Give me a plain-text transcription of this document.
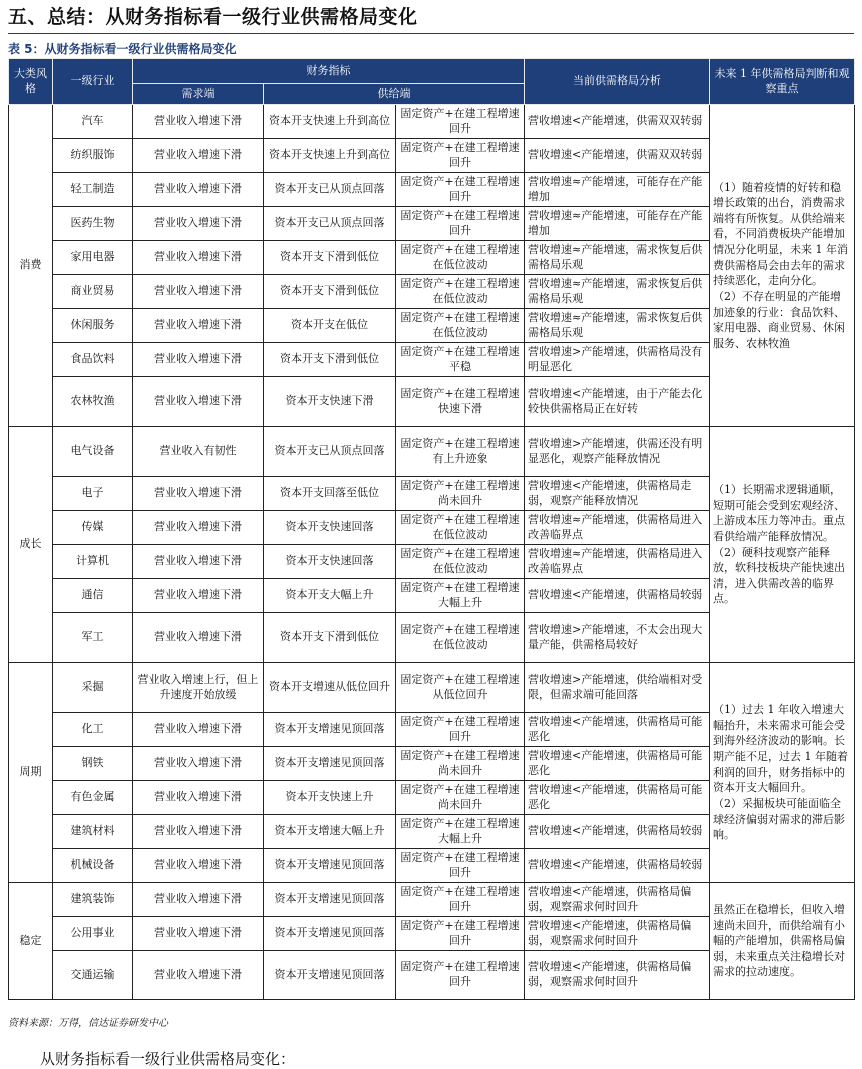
五、总结：从财务指标看一级行业供需格局变化
表 5：从财务指标看一级行业供需格局变化
大类风格	一级行业	财务指标			当前供需格局分析	未来 1 年供需格局判断和观察重点
		需求端	供给端			
消费	汽车	营业收入增速下滑	资本开支快速上升到高位	固定资产+在建工程增速回升	营收增速<产能增速，供需双双转弱	（1）随着疫情的好转和稳增长政策的出台，消费需求端将有所恢复。从供给端来看，不同消费板块产能增加情况分化明显，未来 1 年消费供需格局会由去年的需求持续恶化，走向分化。
（2）不存在明显的产能增加迹象的行业：食品饮料、家用电器、商业贸易、休闲服务、农林牧渔
	纺织服饰	营业收入增速下滑	资本开支快速上升到高位	固定资产+在建工程增速回升	营收增速<产能增速，供需双双转弱	
	轻工制造	营业收入增速下滑	资本开支已从顶点回落	固定资产+在建工程增速回升	营收增速≈产能增速，可能存在产能增加	
	医药生物	营业收入增速下滑	资本开支已从顶点回落	固定资产+在建工程增速回升	营收增速≈产能增速，可能存在产能增加	
	家用电器	营业收入增速下滑	资本开支下滑到低位	固定资产+在建工程增速在低位波动	营收增速≈产能增速，需求恢复后供需格局乐观	
	商业贸易	营业收入增速下滑	资本开支下滑到低位	固定资产+在建工程增速在低位波动	营收增速≈产能增速，需求恢复后供需格局乐观	
	休闲服务	营业收入增速下滑	资本开支在低位	固定资产+在建工程增速在低位波动	营收增速≈产能增速，需求恢复后供需格局乐观	
	食品饮料	营业收入增速下滑	资本开支下滑到低位	固定资产+在建工程增速平稳	营收增速>产能增速，供需格局没有明显恶化	
	农林牧渔	营业收入增速下滑	资本开支快速下滑	固定资产+在建工程增速快速下滑	营收增速<产能增速，由于产能去化较快供需格局正在好转	
成长	电气设备	营业收入有韧性	资本开支已从顶点回落	固定资产+在建工程增速有上升迹象	营收增速>产能增速，供需还没有明显恶化，观察产能释放情况	（1）长期需求逻辑通顺，短期可能会受到宏观经济、上游成本压力等冲击。重点看供给端产能释放情况。
（2）硬科技观察产能释放，软科技板块产能快速出清，进入供需改善的临界点。
	电子	营业收入增速下滑	资本开支回落至低位	固定资产+在建工程增速尚未回升	营收增速<产能增速，供需格局走弱，观察产能释放情况	
	传媒	营业收入增速下滑	资本开支快速回落	固定资产+在建工程增速在低位波动	营收增速≈产能增速，供需格局进入改善临界点	
	计算机	营业收入增速下滑	资本开支快速回落	固定资产+在建工程增速在低位波动	营收增速≈产能增速，供需格局进入改善临界点	
	通信	营业收入增速下滑	资本开支大幅上升	固定资产+在建工程增速大幅上升	营收增速<产能增速，供需格局较弱	
	军工	营业收入增速下滑	资本开支下滑到低位	固定资产+在建工程增速在低位波动	营收增速>产能增速，不太会出现大量产能，供需格局较好	
周期	采掘	营业收入增速上行，但上升速度开始放缓	资本开支增速从低位回升	固定资产+在建工程增速从低位回升	营收增速>产能增速，供给端相对受限，但需求端可能回落	（1）过去 1 年收入增速大幅抬升，未来需求可能会受到海外经济波动的影响。长期产能不足，过去 1 年随着利润的回升，财务指标中的资本开支大幅回升。
（2）采掘板块可能面临全球经济偏弱对需求的滞后影响。
	化工	营业收入增速下滑	资本开支增速见顶回落	固定资产+在建工程增速回升	营收增速<产能增速，供需格局可能恶化	
	钢铁	营业收入增速下滑	资本开支增速见顶回落	固定资产+在建工程增速尚未回升	营收增速<产能增速，供需格局可能恶化	
	有色金属	营业收入增速下滑	资本开支快速上升	固定资产+在建工程增速尚未回升	营收增速<产能增速，供需格局可能恶化	
	建筑材料	营业收入增速下滑	资本开支增速大幅上升	固定资产+在建工程增速大幅上升	营收增速<产能增速，供需格局较弱	
	机械设备	营业收入增速下滑	资本开支增速见顶回落	固定资产+在建工程增速回升	营收增速<产能增速，供需格局较弱	
稳定	建筑装饰	营业收入增速下滑	资本开支增速见顶回落	固定资产+在建工程增速回升	营收增速<产能增速，供需格局偏弱，观察需求何时回升	虽然正在稳增长，但收入增速尚未回升，而供给端有小幅的产能增加，供需格局偏弱，未来重点关注稳增长对需求的拉动速度。
	公用事业	营业收入增速下滑	资本开支增速见顶回落	固定资产+在建工程增速回升	营收增速<产能增速，供需格局偏弱，观察需求何时回升	
	交通运输	营业收入增速下滑	资本开支增速见顶回落	固定资产+在建工程增速回升	营收增速<产能增速，供需格局偏弱，观察需求何时回升	
资料来源：万得，信达证券研发中心
从财务指标看一级行业供需格局变化：
